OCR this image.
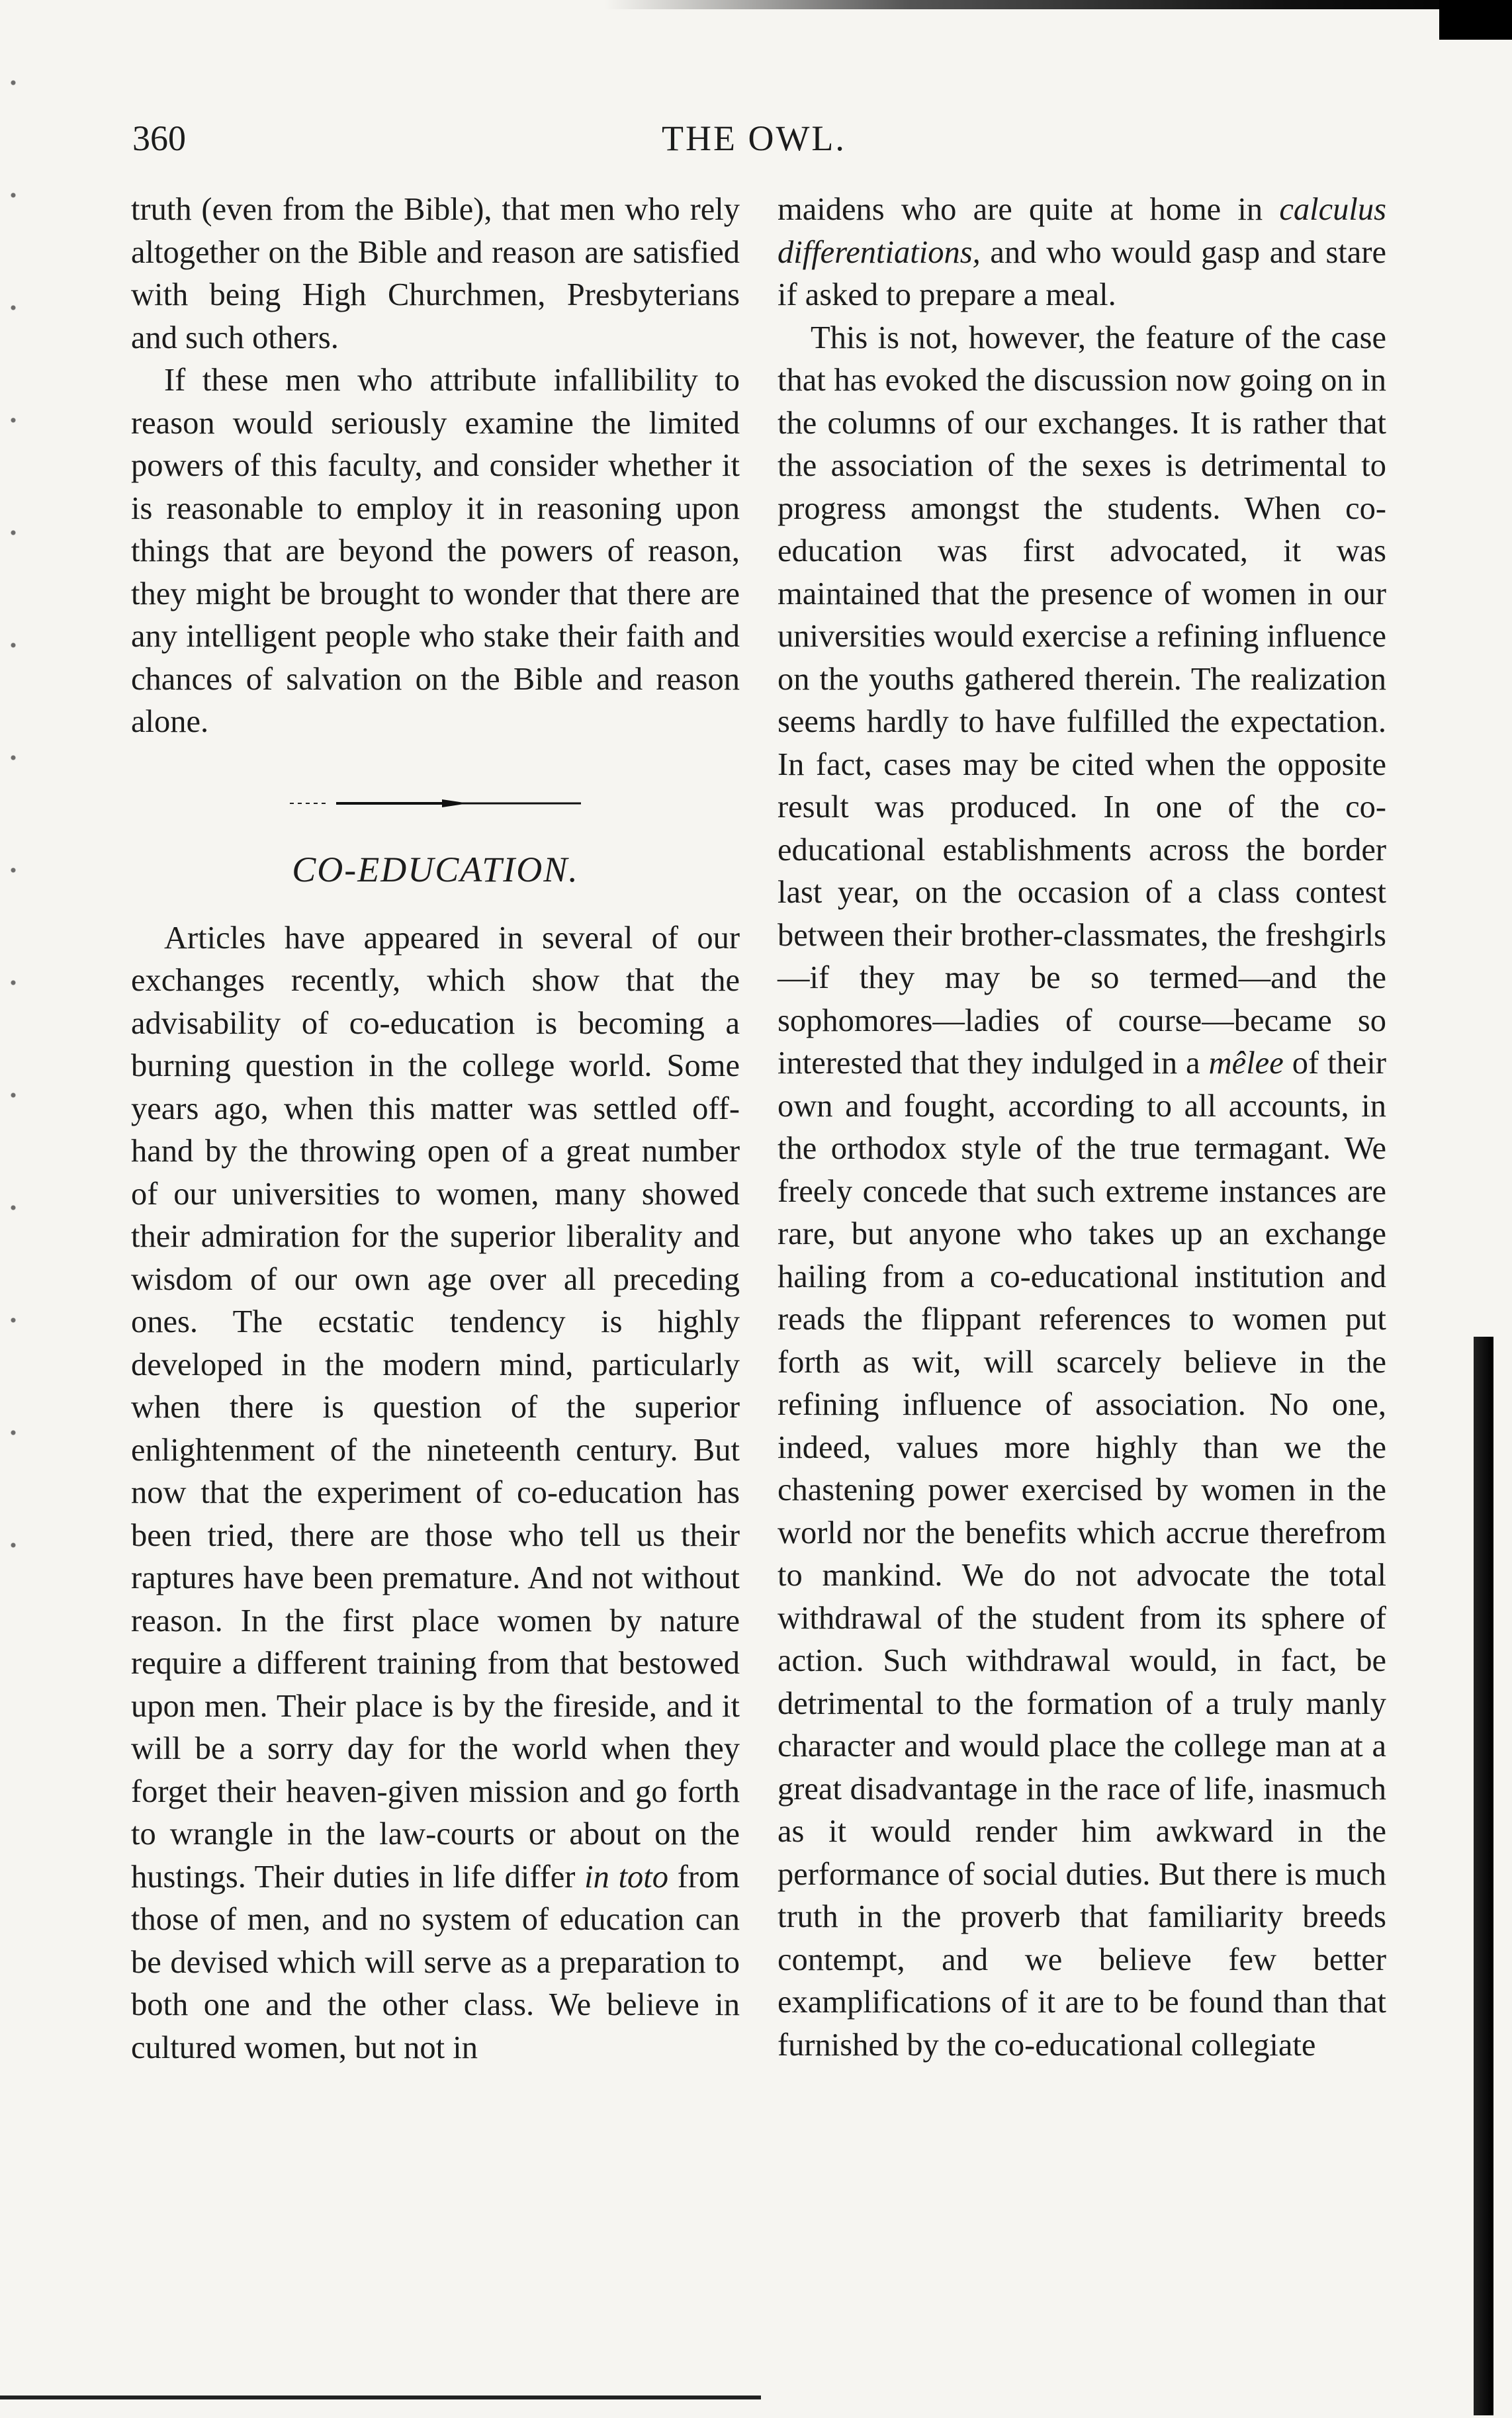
360	THE OWL.

truth (even from the Bible), that men who rely altogether on the Bible and reason are satisfied with being High Churchmen, Presbyterians and such others.

If these men who attribute infallibility to reason would seriously examine the limited powers of this faculty, and consider whether it is reasonable to employ it in reasoning upon things that are beyond the powers of reason, they might be brought to wonder that there are any intelligent people who stake their faith and chances of salvation on the Bible and reason alone.

CO-EDUCATION.

Articles have appeared in several of our exchanges recently, which show that the advisability of co-education is becoming a burning question in the college world. Some years ago, when this matter was settled off-hand by the throwing open of a great number of our universities to women, many showed their admiration for the superior liberality and wisdom of our own age over all preceding ones. The ecstatic tendency is highly developed in the modern mind, particularly when there is question of the superior enlightenment of the nineteenth century. But now that the experiment of co-education has been tried, there are those who tell us their raptures have been premature. And not without reason. In the first place women by nature require a different training from that bestowed upon men. Their place is by the fireside, and it will be a sorry day for the world when they forget their heaven-given mission and go forth to wrangle in the law-courts or about on the hustings. Their duties in life differ in toto from those of men, and no system of education can be devised which will serve as a preparation to both one and the other class. We believe in cultured women, but not in

maidens who are quite at home in calculus differentiations, and who would gasp and stare if asked to prepare a meal.

This is not, however, the feature of the case that has evoked the discussion now going on in the columns of our exchanges. It is rather that the association of the sexes is detrimental to progress amongst the students. When co-education was first advocated, it was maintained that the presence of women in our universities would exercise a refining influence on the youths gathered therein. The realization seems hardly to have fulfilled the expectation. In fact, cases may be cited when the opposite result was produced. In one of the co-educational establishments across the border last year, on the occasion of a class contest between their brother-classmates, the freshgirls—if they may be so termed—and the sophomores—ladies of course—became so interested that they indulged in a mêlee of their own and fought, according to all accounts, in the orthodox style of the true termagant. We freely concede that such extreme instances are rare, but anyone who takes up an exchange hailing from a co-educational institution and reads the flippant references to women put forth as wit, will scarcely believe in the refining influence of association. No one, indeed, values more highly than we the chastening power exercised by women in the world nor the benefits which accrue therefrom to mankind. We do not advocate the total withdrawal of the student from its sphere of action. Such withdrawal would, in fact, be detrimental to the formation of a truly manly character and would place the college man at a great disadvantage in the race of life, inasmuch as it would render him awkward in the performance of social duties. But there is much truth in the proverb that familiarity breeds contempt, and we believe few better examplifications of it are to be found than that furnished by the co-educational collegiate
